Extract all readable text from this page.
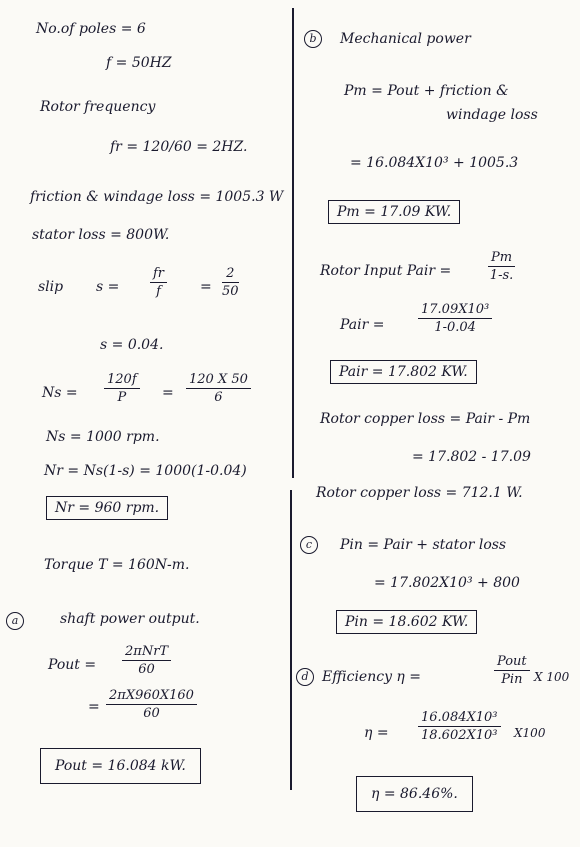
No.of poles = 6
f = 50HZ
Rotor frequency
fr = 120/60 = 2HZ.
friction & windage loss = 1005.3 W
stator loss = 800W.
slip $s = \frac{fr}{f} = \frac{2}{50}$
s = 0.04.
$Ns = \frac{120f}{P} = \frac{120 X 50}{6}$
Ns = 1000 rpm.
Nr = Ns(1-s) = 1000(1-0.04)
Nr = 960 rpm.
Torque T = 160N-m.
a	shaft power output.
Pout =
2πNrT
60
= $\frac{2\pi X960X160}{60}$
Pout = 16.084 kW.
b	Mechanical power
Pm = Pout + friction &
windage loss
= 16.084X10³ + 1005.3
Pm = 17.09 KW.
Rotor Input Pair =	$\frac{Pm}{1-s.}$
Pair =	$\frac{\text{17.09X10³}}{1-0.04}$
Pair = 17.802 KW.
Rotor copper loss = Pair - Pm
= 17.802 - 17.09
Rotor copper loss = 712.1 W.
c	Pin = Pair + stator loss
= 17.802X10³ + 800
Pin = 18.602 KW.
d Efficiency η =
Pout
Pin X 100
$\eta = \frac{\text{16.084X10³}}{\text{18.602X10³}} X100$
η = 86.46%.
